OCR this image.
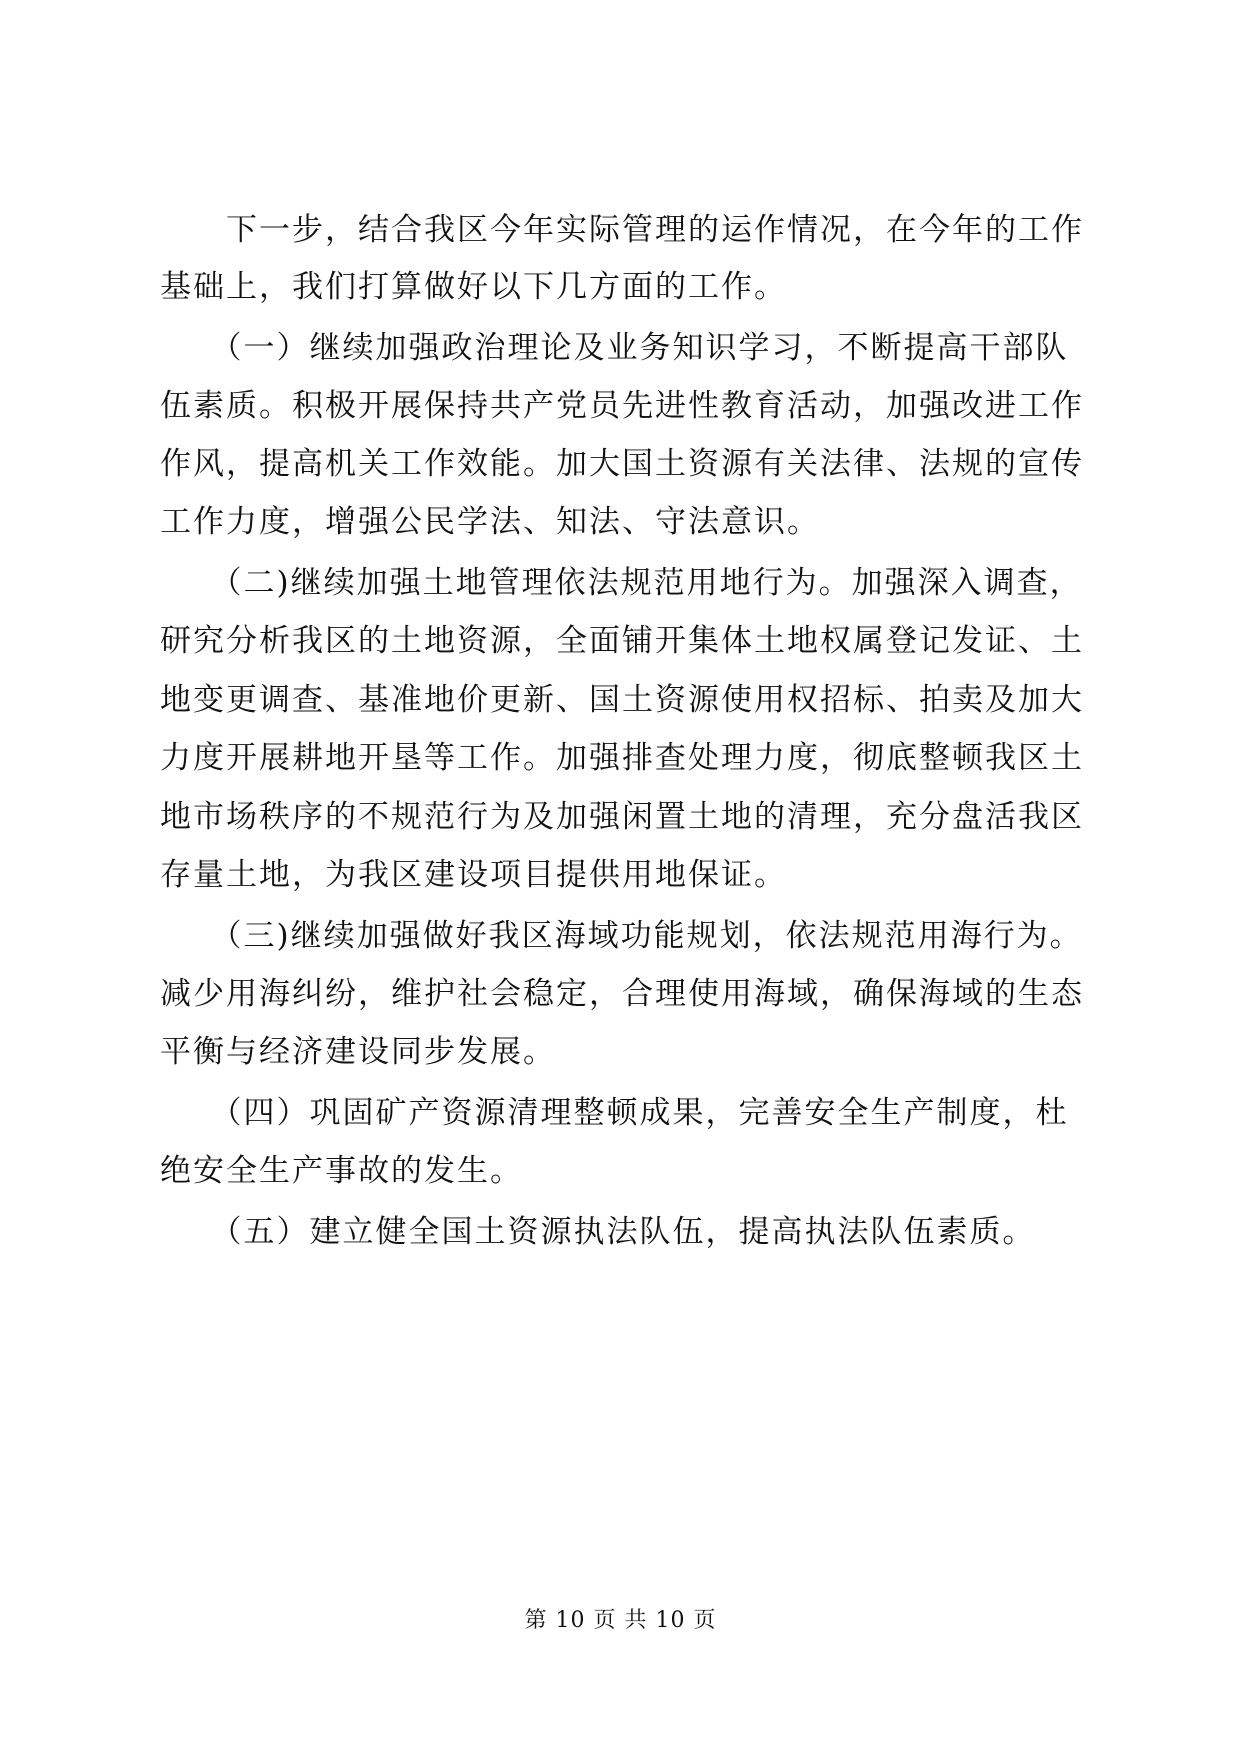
　　下一步，结合我区今年实际管理的运作情况，在今年的工作
基础上，我们打算做好以下几方面的工作。
　　（一）继续加强政治理论及业务知识学习，不断提高干部队
伍素质。积极开展保持共产党员先进性教育活动，加强改进工作
作风，提高机关工作效能。加大国土资源有关法律、法规的宣传
工作力度，增强公民学法、知法、守法意识。
　　（二)继续加强土地管理依法规范用地行为。加强深入调查，
研究分析我区的土地资源，全面铺开集体土地权属登记发证、土
地变更调查、基准地价更新、国土资源使用权招标、拍卖及加大
力度开展耕地开垦等工作。加强排查处理力度，彻底整顿我区土
地市场秩序的不规范行为及加强闲置土地的清理，充分盘活我区
存量土地，为我区建设项目提供用地保证。
　　（三)继续加强做好我区海域功能规划，依法规范用海行为。
减少用海纠纷，维护社会稳定，合理使用海域，确保海域的生态
平衡与经济建设同步发展。
　　（四）巩固矿产资源清理整顿成果，完善安全生产制度，杜
绝安全生产事故的发生。
　　（五）建立健全国土资源执法队伍，提高执法队伍素质。
第 10 页 共 10 页
